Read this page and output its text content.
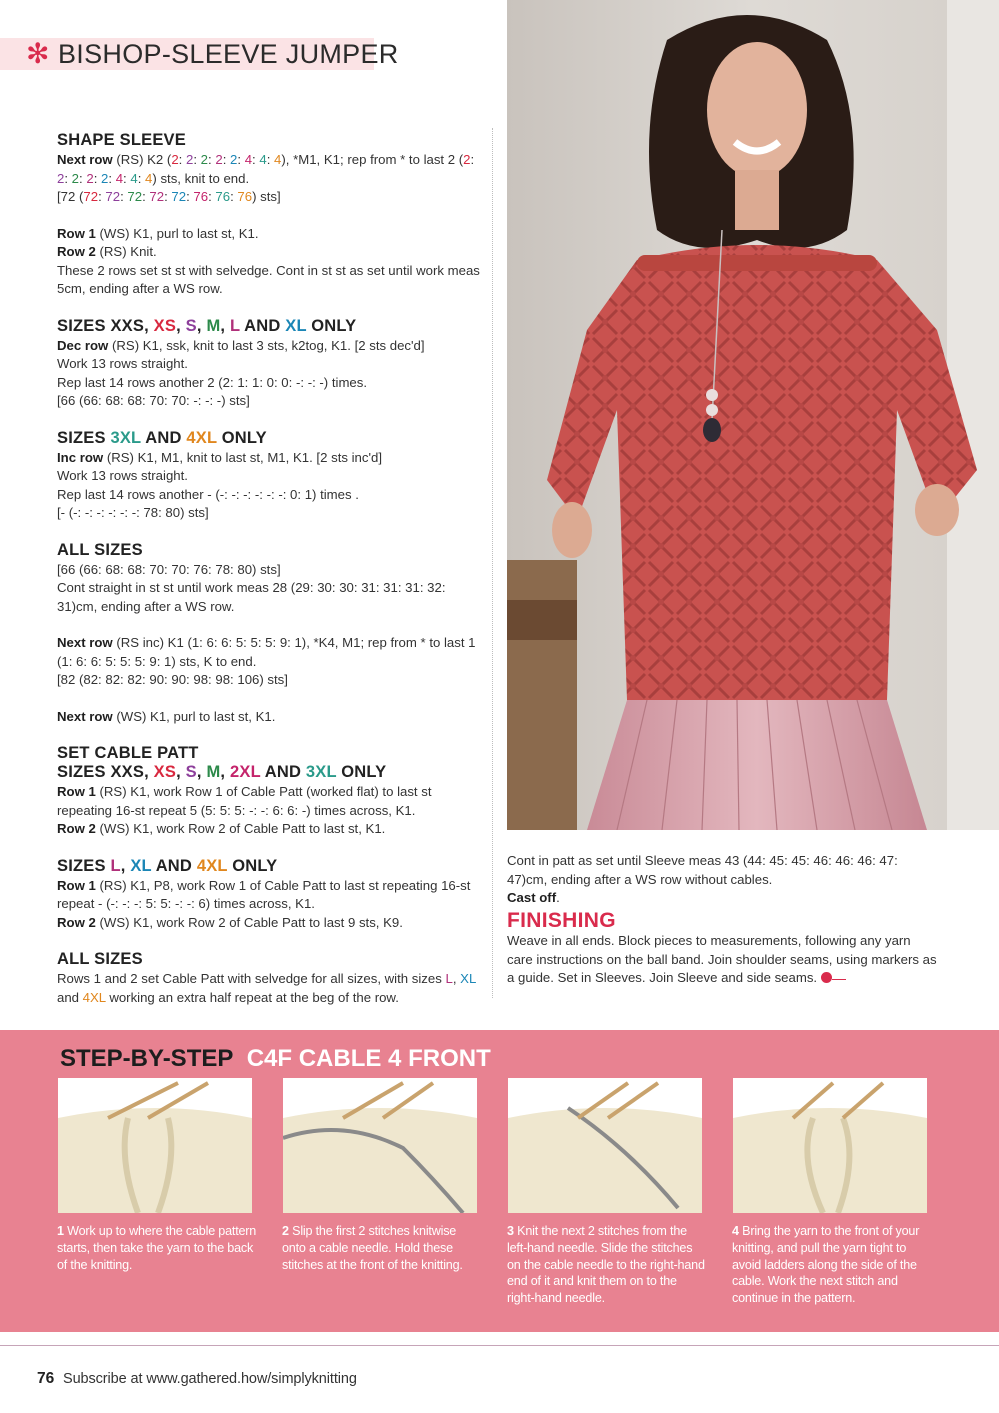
✻ BISHOP-SLEEVE JUMPER
SHAPE SLEEVE

Next row (RS) K2 (2: 2: 2: 2: 2: 4: 4: 4), *M1, K1; rep from * to last 2 (2: 2: 2: 2: 2: 4: 4: 4) sts, knit to end.

[72 (72: 72: 72: 72: 72: 76: 76: 76) sts]

Row 1 (WS) K1, purl to last st, K1.

Row 2 (RS) Knit.

These 2 rows set st st with selvedge. Cont in st st as set until work meas 5cm, ending after a WS row.

SIZES XXS, XS, S, M, L AND XL ONLY

Dec row (RS) K1, ssk, knit to last 3 sts, k2tog, K1. [2 sts dec'd]

Work 13 rows straight.

Rep last 14 rows another 2 (2: 1: 1: 0: 0: -: -: -) times.

[66 (66: 68: 68: 70: 70: -: -: -) sts]

SIZES 3XL AND 4XL ONLY

Inc row (RS) K1, M1, knit to last st, M1, K1. [2 sts inc'd]

Work 13 rows straight.

Rep last 14 rows another - (-: -: -: -: -: -: 0: 1) times .

[- (-: -: -: -: -: -: 78: 80) sts]

ALL SIZES

[66 (66: 68: 68: 70: 70: 76: 78: 80) sts]

Cont straight in st st until work meas 28 (29: 30: 30: 31: 31: 31: 32: 31)cm, ending after a WS row.

Next row (RS inc) K1 (1: 6: 6: 5: 5: 5: 9: 1), *K4, M1; rep from * to last 1 (1: 6: 6: 5: 5: 5: 9: 1) sts, K to end.

[82 (82: 82: 82: 90: 90: 98: 98: 106) sts]

Next row (WS) K1, purl to last st, K1.

SET CABLE PATT
SIZES XXS, XS, S, M, 2XL AND 3XL ONLY

Row 1 (RS) K1, work Row 1 of Cable Patt (worked flat) to last st repeating 16-st repeat 5 (5: 5: 5: -: -: 6: 6: -) times across, K1.

Row 2 (WS) K1, work Row 2 of Cable Patt to last st, K1.

SIZES L, XL AND 4XL ONLY

Row 1 (RS) K1, P8, work Row 1 of Cable Patt to last st repeating 16-st repeat - (-: -: -: 5: 5: -: -: 6) times across, K1.

Row 2 (WS) K1, work Row 2 of Cable Patt to last 9 sts, K9.

ALL SIZES

Rows 1 and 2 set Cable Patt with selvedge for all sizes, with sizes L, XL and 4XL working an extra half repeat at the beg of the row.

Cont in patt as set until Sleeve meas 43 (44: 45: 45: 46: 46: 46: 47: 47)cm, ending after a WS row without cables.

Cast off.

FINISHING

Weave in all ends. Block pieces to measurements, following any yarn care instructions on the ball band. Join shoulder seams, using markers as a guide. Set in Sleeves. Join Sleeve and side seams.

STEP-BY-STEP C4F CABLE 4 FRONT
1 Work up to where the cable pattern starts, then take the yarn to the back of the knitting.
2 Slip the first 2 stitches knitwise onto a cable needle. Hold these stitches at the front of the knitting.
3 Knit the next 2 stitches from the left-hand needle. Slide the stitches on the cable needle to the right-hand end of it and knit them on to the right-hand needle.
4 Bring the yarn to the front of your knitting, and pull the yarn tight to avoid ladders along the side of the cable. Work the next stitch and continue in the pattern.
76 Subscribe at www.gathered.how/simplyknitting
